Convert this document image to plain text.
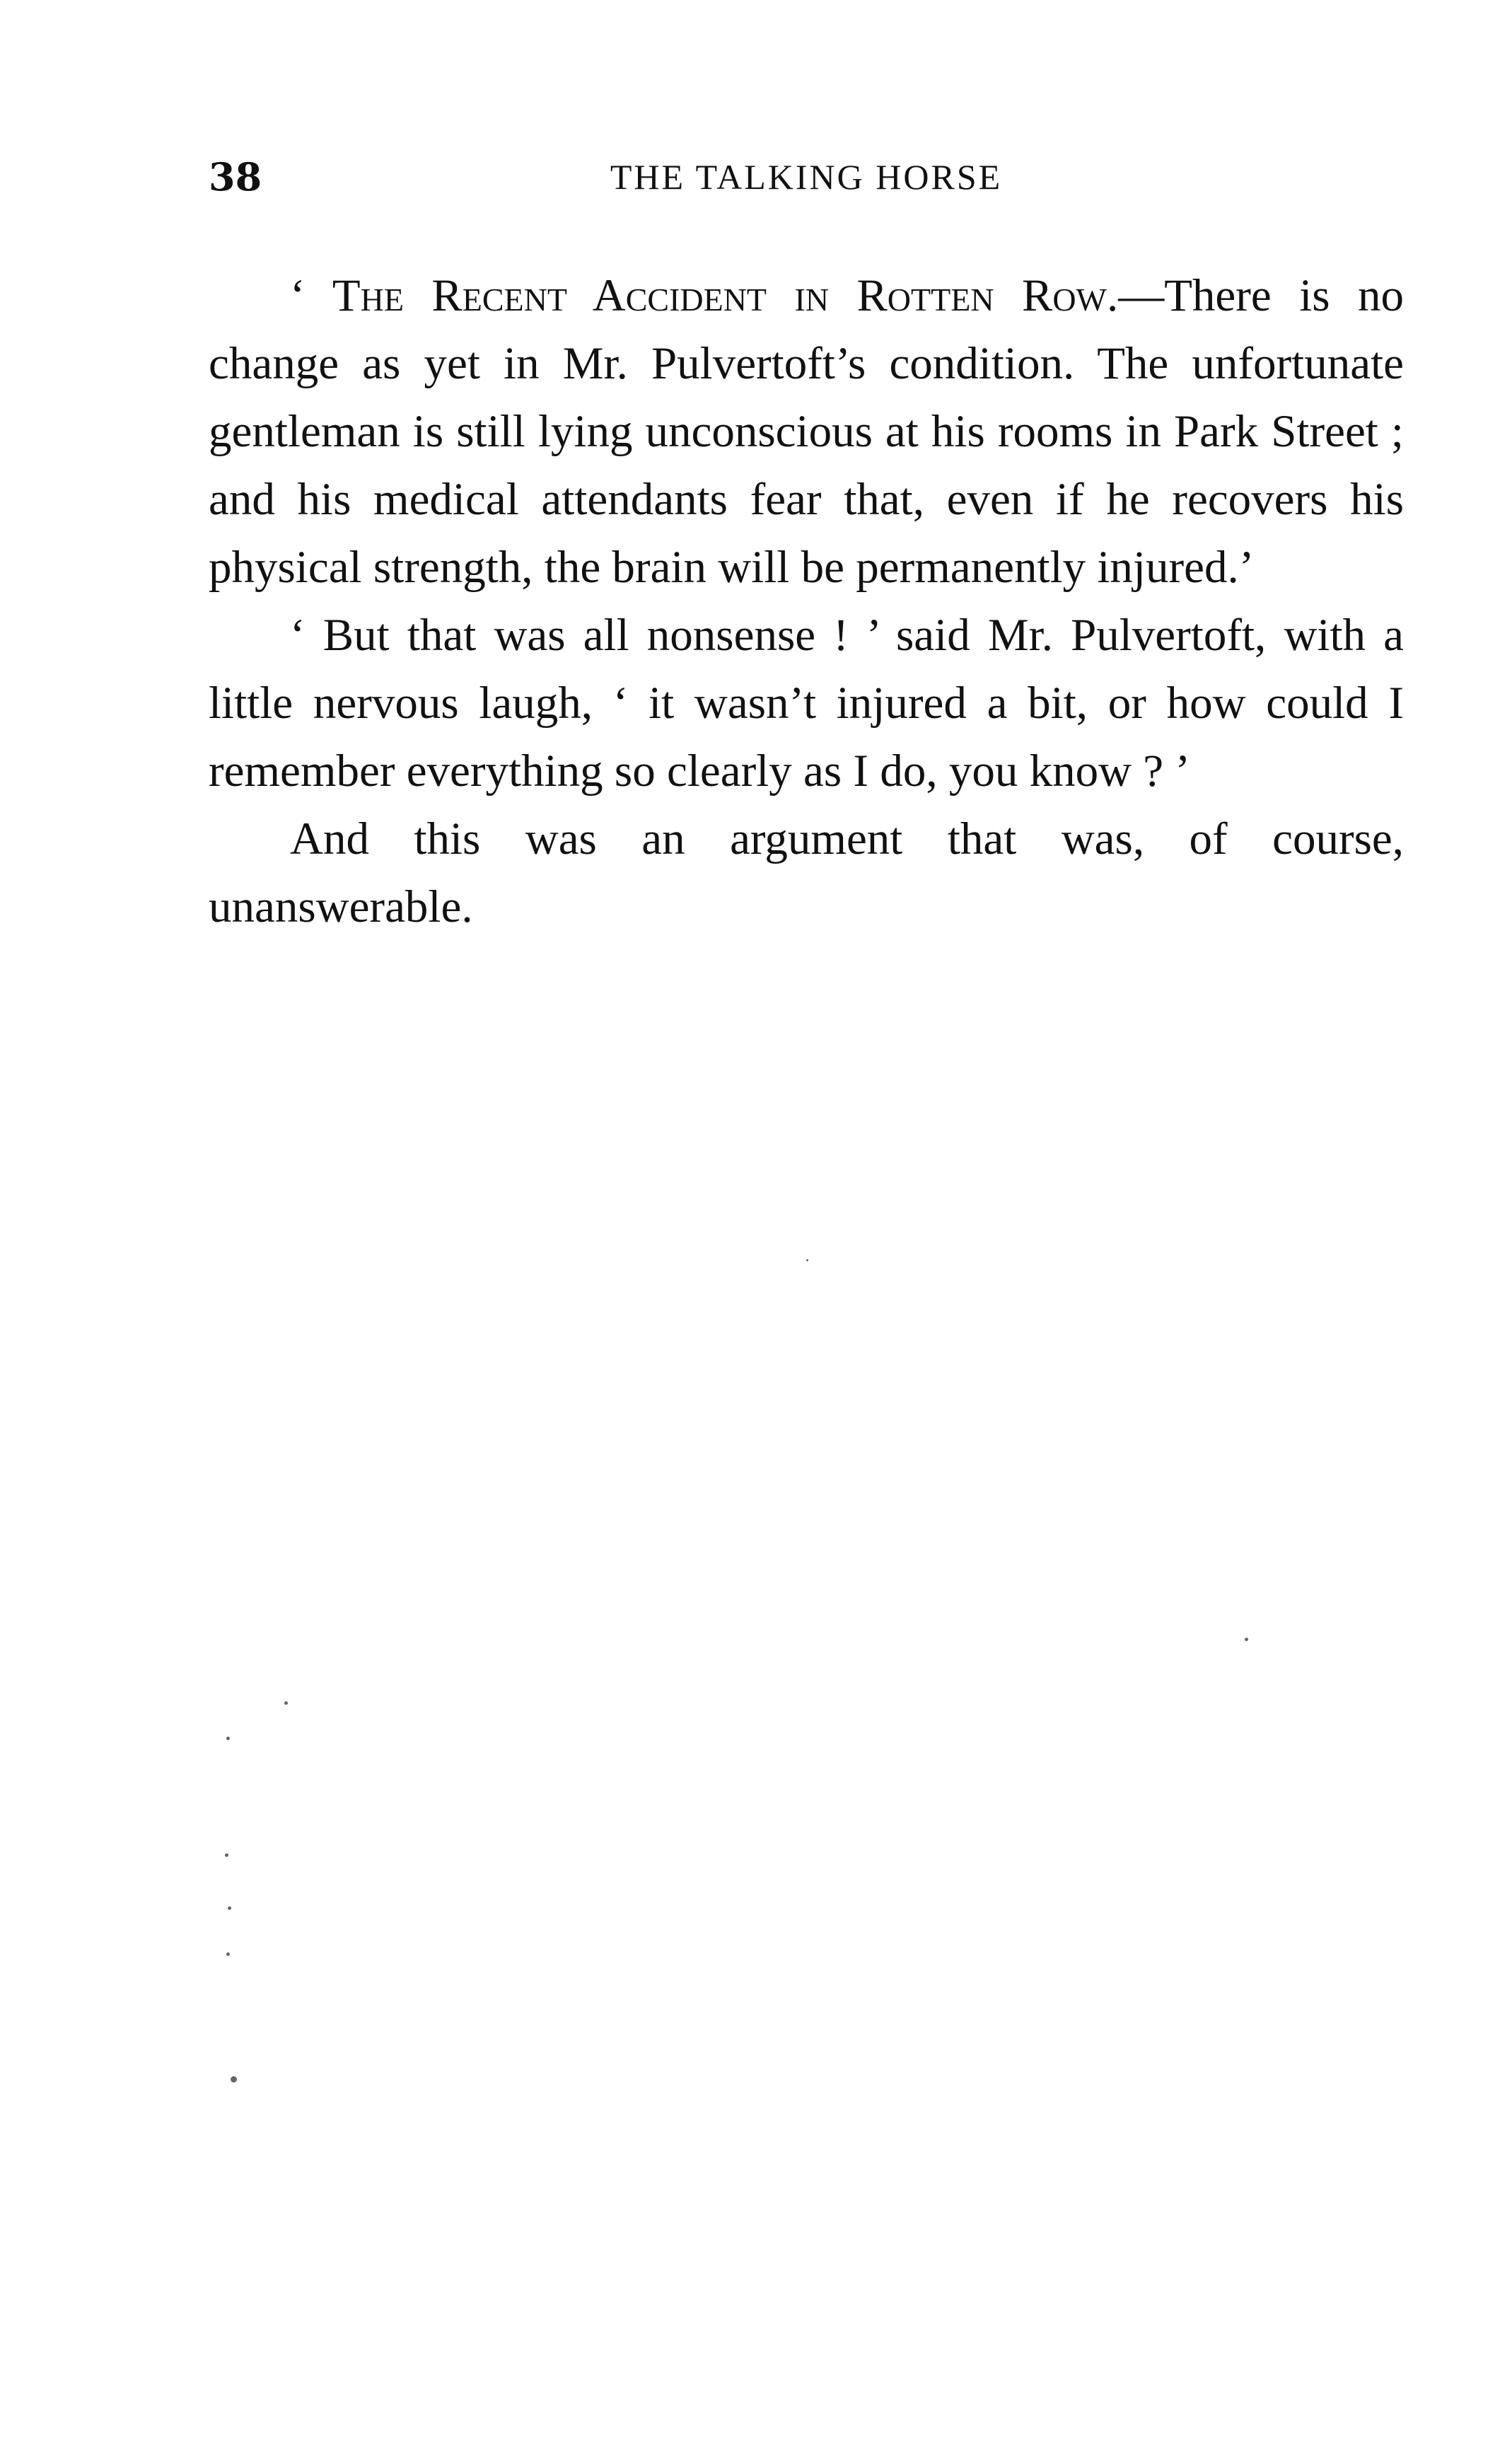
38	THE TALKING HORSE

‘ The Recent Accident in Rotten Row.—There is no change as yet in Mr. Pulvertoft’s condition. The unfortunate gentleman is still lying unconscious at his rooms in Park Street ; and his medical attendants fear that, even if he recovers his physical strength, the brain will be permanently injured.’

‘ But that was all nonsense ! ’ said Mr. Pulvertoft, with a little nervous laugh, ‘ it wasn’t injured a bit, or how could I remember everything so clearly as I do, you know ? ’

And this was an argument that was, of course, unanswerable.
